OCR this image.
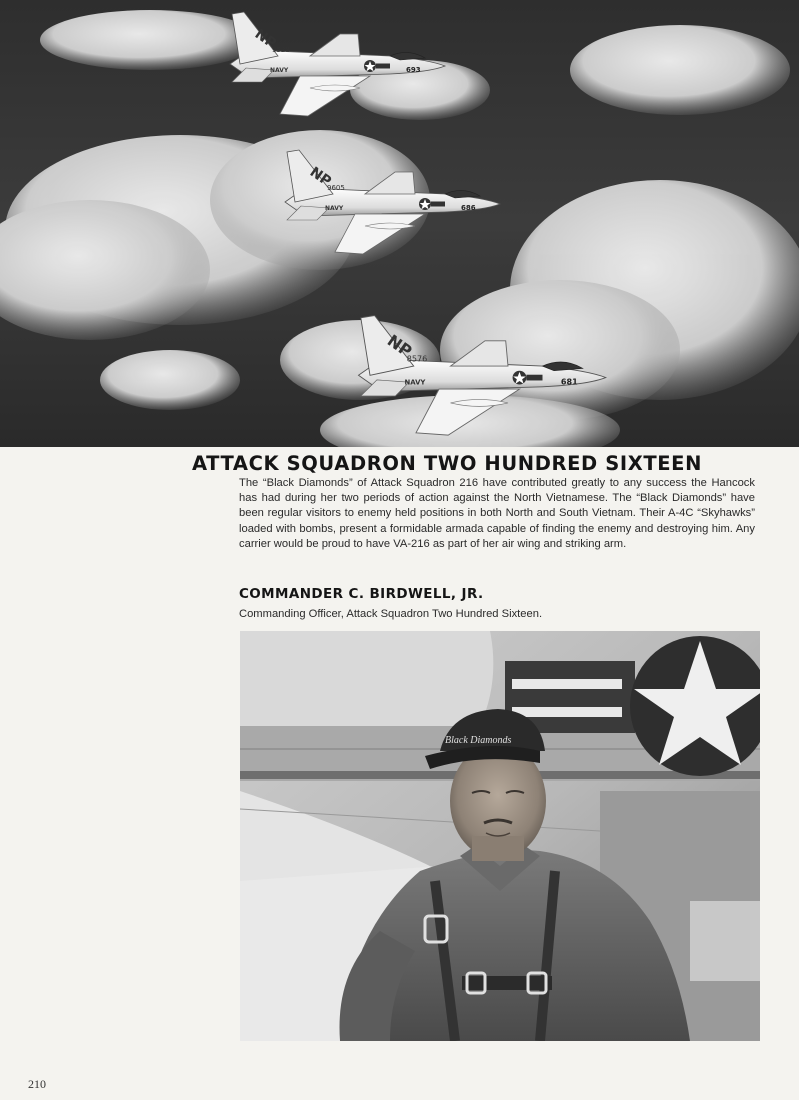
NP
9528
NAVY	693
NP
9605
NAVY	686
NP
8576
NAVY	681
ATTACK SQUADRON TWO HUNDRED SIXTEEN

The “Black Diamonds” of Attack Squadron 216 have contributed greatly to any success the Hancock has had during her two periods of action against the North Vietnamese. The “Black Diamonds” have been regular visitors to enemy held positions in both North and South Vietnam. Their A-4C “Skyhawks” loaded with bombs, present a formidable armada capable of finding the enemy and destroying him. Any carrier would be proud to have VA-216 as part of her air wing and striking arm.

COMMANDER C. BIRDWELL, JR.

Commanding Officer, Attack Squadron Two Hundred Sixteen.

Black Diamonds
210
